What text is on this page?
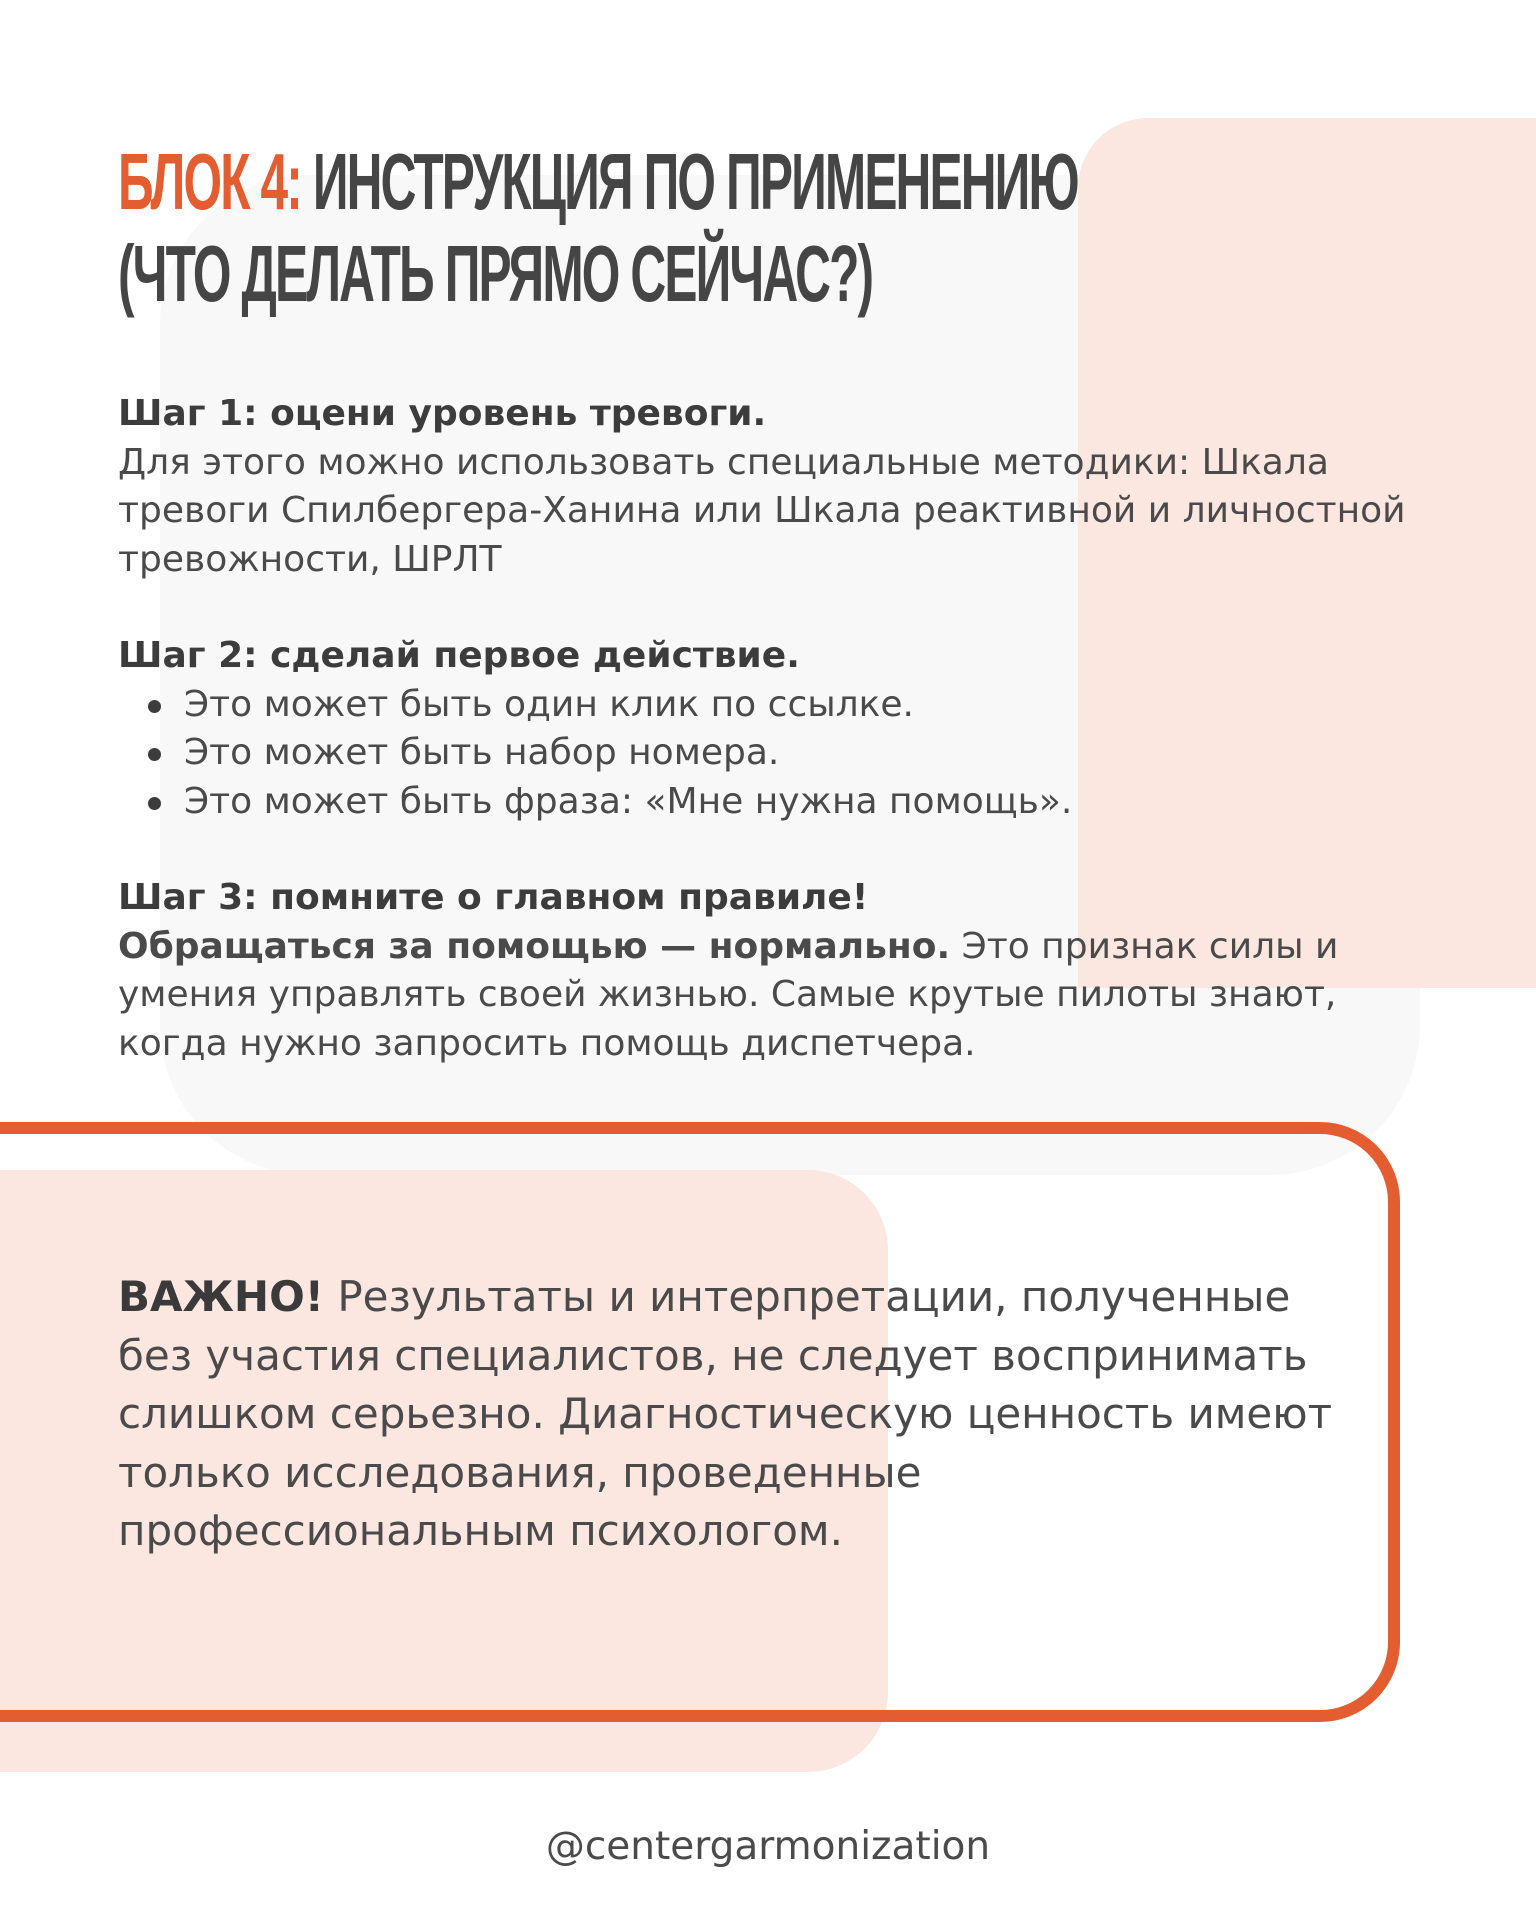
БЛОК 4: ИНСТРУКЦИЯ ПО ПРИМЕНЕНИЮ
(ЧТО ДЕЛАТЬ ПРЯМО СЕЙЧАС?)
Шаг 1: оцени уровень тревоги.

Для этого можно использовать специальные методики: Шкала тревоги Спилбергера-Ханина или Шкала реактивной и личностной тревожности, ШРЛТ

Шаг 2: сделай первое действие.
Это может быть один клик по ссылке.
Это может быть набор номера.
Это может быть фраза: «Мне нужна помощь».
Шаг 3: помните о главном правиле!

Обращаться за помощью — нормально. Это признак силы и умения управлять своей жизнью. Самые крутые пилоты знают, когда нужно запросить помощь диспетчера.

ВАЖНО! Результаты и интерпретации, полученные без участия специалистов, не следует воспринимать слишком серьезно. Диагностическую ценность имеют только исследования, проведенные профессиональным психологом.

@centergarmonization
